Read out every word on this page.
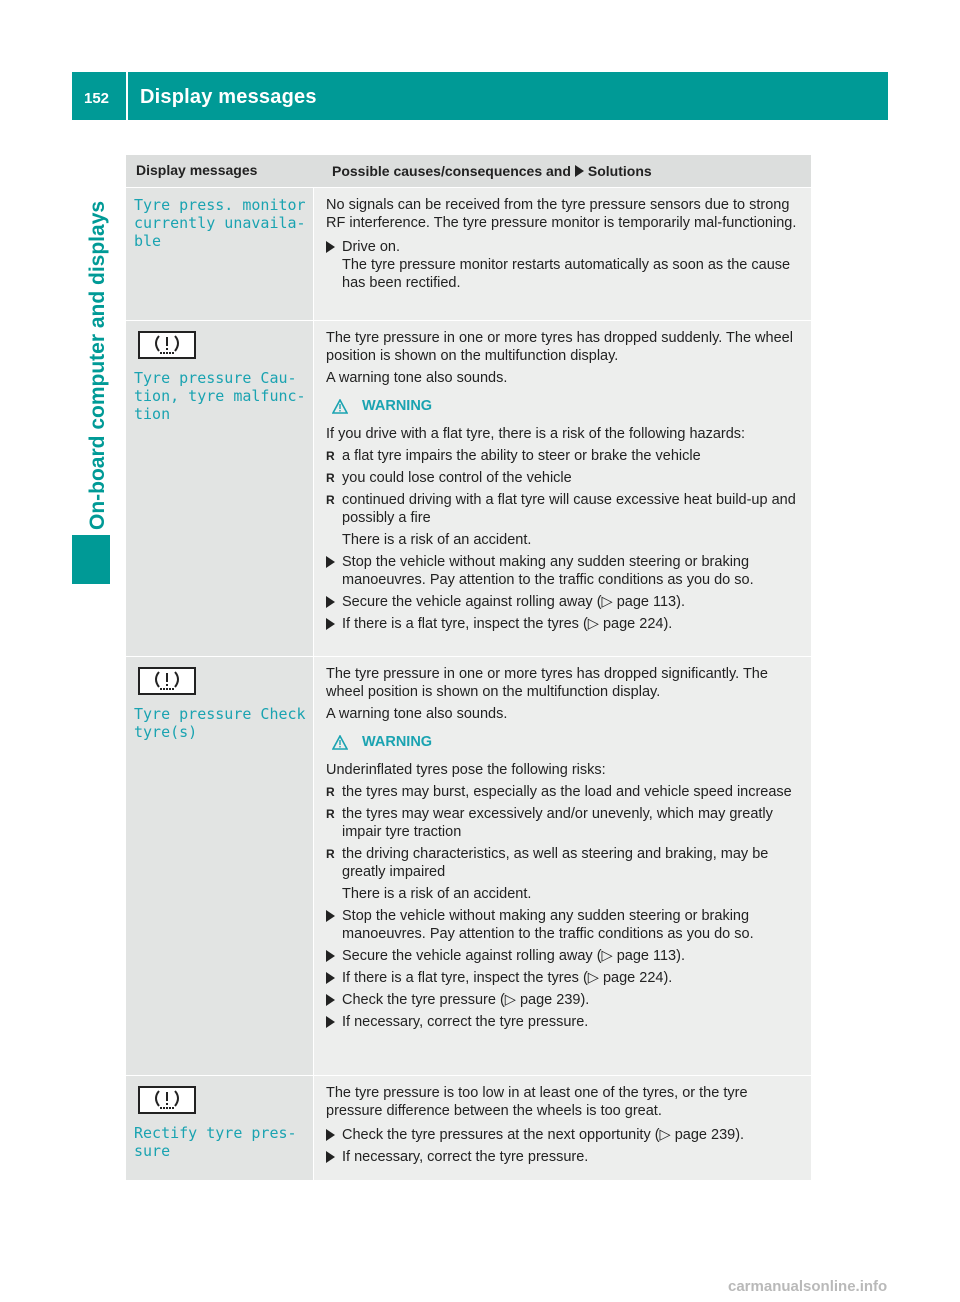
152	Display messages
On-board computer and displays
Display messages	Possible causes/consequences and Solutions
Tyre press. monitor
currently unavaila‐
ble
No signals can be received from the tyre pressure sensors due to strong RF interference. The tyre pressure monitor is temporarily mal‐functioning.
Drive on.
The tyre pressure monitor restarts automatically as soon as the cause has been rectified.
Tyre pressure Cau‐
tion, tyre malfunc‐
tion
The tyre pressure in one or more tyres has dropped suddenly. The wheel position is shown on the multifunction display.
A warning tone also sounds.
WARNING
If you drive with a flat tyre, there is a risk of the following hazards:
R a flat tyre impairs the ability to steer or brake the vehicle
R you could lose control of the vehicle
R continued driving with a flat tyre will cause excessive heat build-up and possibly a fire
There is a risk of an accident.
Stop the vehicle without making any sudden steering or braking manoeuvres. Pay attention to the traffic conditions as you do so.
Secure the vehicle against rolling away (▷ page 113).
If there is a flat tyre, inspect the tyres (▷ page 224).
Tyre pressure Check
tyre(s)
The tyre pressure in one or more tyres has dropped significantly. The wheel position is shown on the multifunction display.
A warning tone also sounds.
WARNING
Underinflated tyres pose the following risks:
R the tyres may burst, especially as the load and vehicle speed increase
R the tyres may wear excessively and/or unevenly, which may greatly impair tyre traction
R the driving characteristics, as well as steering and braking, may be greatly impaired
There is a risk of an accident.
Stop the vehicle without making any sudden steering or braking manoeuvres. Pay attention to the traffic conditions as you do so.
Secure the vehicle against rolling away (▷ page 113).
If there is a flat tyre, inspect the tyres (▷ page 224).
Check the tyre pressure (▷ page 239).
If necessary, correct the tyre pressure.
Rectify tyre pres‐
sure
The tyre pressure is too low in at least one of the tyres, or the tyre pressure difference between the wheels is too great.
Check the tyre pressures at the next opportunity (▷ page 239).
If necessary, correct the tyre pressure.
carmanualsonline.info
